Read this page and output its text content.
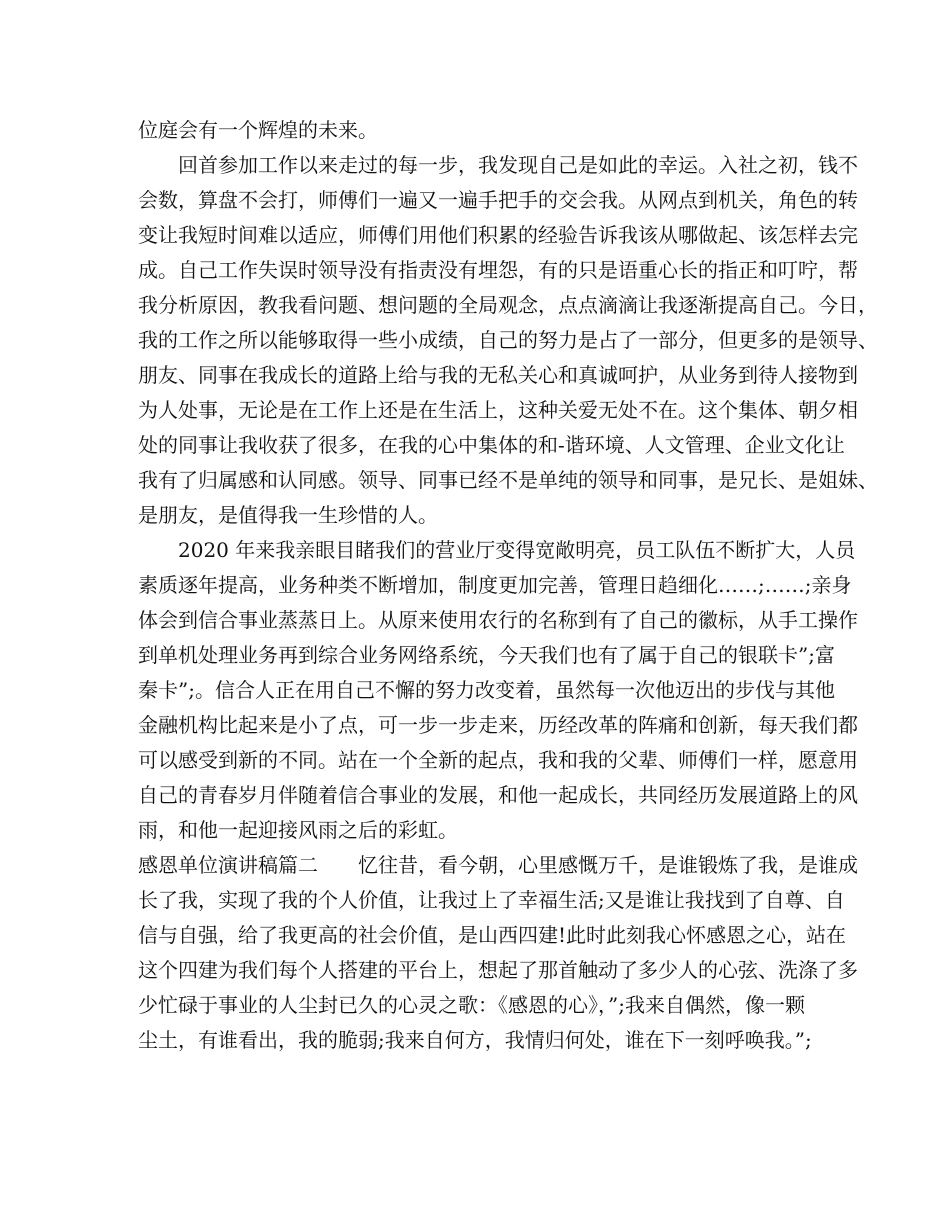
位庭会有一个辉煌的未来。
回首参加工作以来走过的每一步，我发现自己是如此的幸运。入社之初，钱不
会数，算盘不会打，师傅们一遍又一遍手把手的交会我。从网点到机关，角色的转
变让我短时间难以适应，师傅们用他们积累的经验告诉我该从哪做起、该怎样去完
成。自己工作失误时领导没有指责没有埋怨，有的只是语重心长的指正和叮咛，帮
我分析原因，教我看问题、想问题的全局观念，点点滴滴让我逐渐提高自己。今日，
我的工作之所以能够取得一些小成绩，自己的努力是占了一部分，但更多的是领导、
朋友、同事在我成长的道路上给与我的无私关心和真诚呵护，从业务到待人接物到
为人处事，无论是在工作上还是在生活上，这种关爱无处不在。这个集体、朝夕相
处的同事让我收获了很多，在我的心中集体的和-谐环境、人文管理、企业文化让
我有了归属感和认同感。领导、同事已经不是单纯的领导和同事，是兄长、是姐妹、
是朋友，是值得我一生珍惜的人。
2020 年来我亲眼目睹我们的营业厅变得宽敞明亮，员工队伍不断扩大，人员
素质逐年提高，业务种类不断增加，制度更加完善，管理日趋细化……;……;亲身
体会到信合事业蒸蒸日上。从原来使用农行的名称到有了自己的徽标，从手工操作
到单机处理业务再到综合业务网络系统，今天我们也有了属于自己的银联卡”;富
秦卡”;。信合人正在用自己不懈的努力改变着，虽然每一次他迈出的步伐与其他
金融机构比起来是小了点，可一步一步走来，历经改革的阵痛和创新，每天我们都
可以感受到新的不同。站在一个全新的起点，我和我的父辈、师傅们一样，愿意用
自己的青春岁月伴随着信合事业的发展，和他一起成长，共同经历发展道路上的风
雨，和他一起迎接风雨之后的彩虹。
感恩单位演讲稿篇二　　忆往昔，看今朝，心里感慨万千，是谁锻炼了我，是谁成
长了我，实现了我的个人价值，让我过上了幸福生活;又是谁让我找到了自尊、自
信与自强，给了我更高的社会价值，是山西四建!此时此刻我心怀感恩之心，站在
这个四建为我们每个人搭建的平台上，想起了那首触动了多少人的心弦、洗涤了多
少忙碌于事业的人尘封已久的心灵之歌：《感恩的心》，”;我来自偶然，像一颗
尘土，有谁看出，我的脆弱;我来自何方，我情归何处，谁在下一刻呼唤我。”;
